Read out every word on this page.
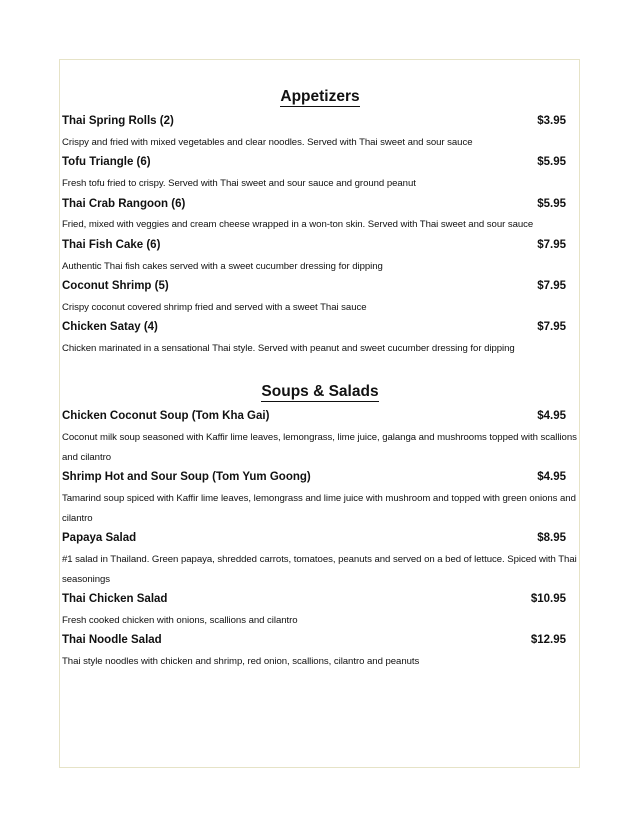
Appetizers
Thai Spring Rolls (2)	$3.95
Crispy and fried with mixed vegetables and clear noodles. Served with Thai sweet and sour sauce
Tofu Triangle (6)	$5.95
Fresh tofu fried to crispy. Served with Thai sweet and sour sauce and ground peanut
Thai Crab Rangoon (6)	$5.95
Fried, mixed with veggies and cream cheese wrapped in a won-ton skin. Served with Thai sweet and sour sauce
Thai Fish Cake (6)	$7.95
Authentic Thai fish cakes served with a sweet cucumber dressing for dipping
Coconut Shrimp (5)	$7.95
Crispy coconut covered shrimp fried and served with a sweet Thai sauce
Chicken Satay (4)	$7.95
Chicken marinated in a sensational Thai style. Served with peanut and sweet cucumber dressing for dipping
Soups & Salads
Chicken Coconut Soup (Tom Kha Gai)	$4.95
Coconut milk soup seasoned with Kaffir lime leaves, lemongrass, lime juice, galanga and mushrooms topped with scallions and cilantro
Shrimp Hot and Sour Soup (Tom Yum Goong)	$4.95
Tamarind soup spiced with Kaffir lime leaves, lemongrass and lime juice with mushroom and topped with green onions and cilantro
Papaya Salad	$8.95
#1 salad in Thailand. Green papaya, shredded carrots, tomatoes, peanuts and served on a bed of lettuce. Spiced with Thai seasonings
Thai Chicken Salad	$10.95
Fresh cooked chicken with onions, scallions and cilantro
Thai Noodle Salad	$12.95
Thai style noodles with chicken and shrimp, red onion, scallions, cilantro and peanuts
